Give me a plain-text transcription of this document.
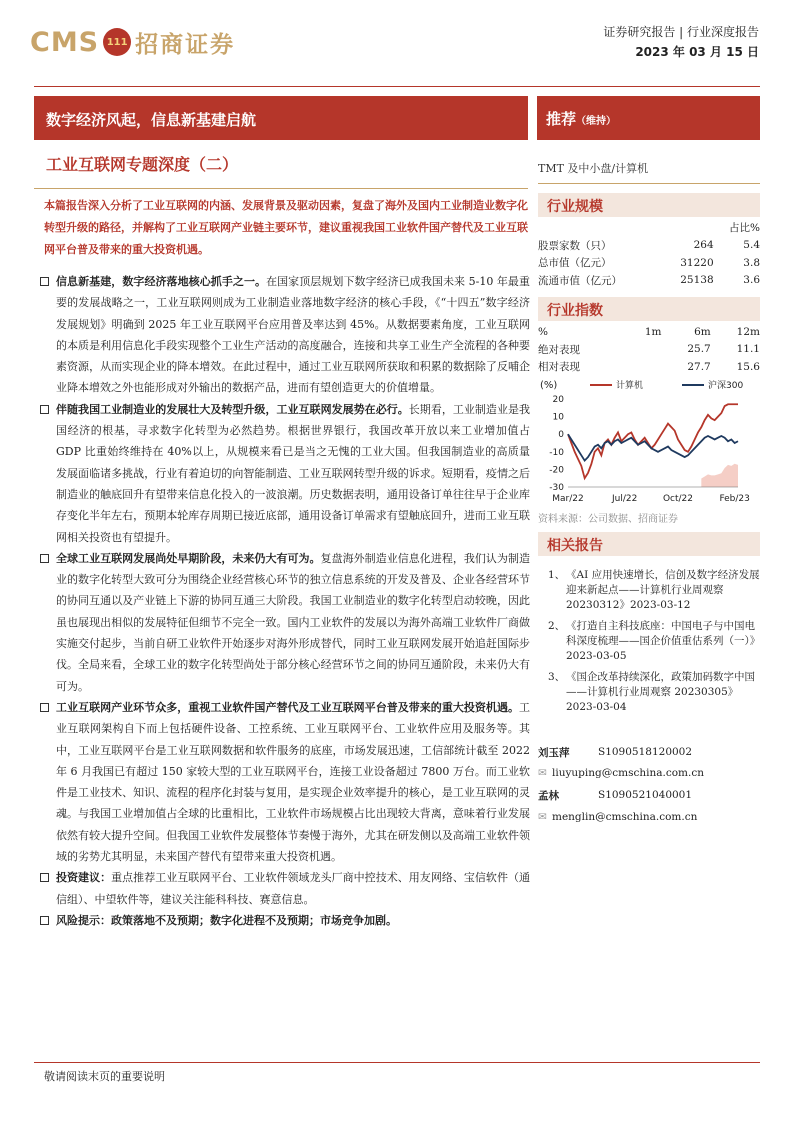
CMS 111 招商证券	证券研究报告 | 行业深度报告
2023 年 03 月 15 日
数字经济风起，信息新基建启航	推荐（维持）
工业互联网专题深度（二）
本篇报告深入分析了工业互联网的内涵、发展背景及驱动因素，复盘了海外及国内工业制造业数字化转型升级的路径，并解构了工业互联网产业链主要环节，建议重视我国工业软件国产替代及工业互联网平台普及带来的重大投资机遇。
信息新基建，数字经济落地核心抓手之一。在国家顶层规划下数字经济已成我国未来 5-10 年最重要的发展战略之一，工业互联网则成为工业制造业落地数字经济的核心手段，《“十四五”数字经济发展规划》明确到 2025 年工业互联网平台应用普及率达到 45%。从数据要素角度，工业互联网的本质是利用信息化手段实现整个工业生产活动的高度融合，连接和共享工业生产全流程的各种要素资源，从而实现企业的降本增效。在此过程中，通过工业互联网所获取和积累的数据除了反哺企业降本增效之外也能形成对外输出的数据产品，进而有望创造更大的价值增量。
伴随我国工业制造业的发展壮大及转型升级，工业互联网发展势在必行。长期看，工业制造业是我国经济的根基，寻求数字化转型为必然趋势。根据世界银行，我国改革开放以来工业增加值占 GDP 比重始终维持在 40%以上，从规模来看已是当之无愧的工业大国。但我国制造业的高质量发展面临诸多挑战，行业有着迫切的向智能制造、工业互联网转型升级的诉求。短期看，疫情之后制造业的触底回升有望带来信息化投入的一波浪潮。历史数据表明，通用设备订单往往早于企业库存变化半年左右，预期本轮库存周期已接近底部，通用设备订单需求有望触底回升，进而工业互联网相关投资也有望提升。
全球工业互联网发展尚处早期阶段，未来仍大有可为。复盘海外制造业信息化进程，我们认为制造业的数字化转型大致可分为围绕企业经营核心环节的独立信息系统的开发及普及、企业各经营环节的协同互通以及产业链上下游的协同互通三大阶段。我国工业制造业的数字化转型启动较晚，因此虽也展现出相似的发展特征但细节不完全一致。国内工业软件的发展以为海外高端工业软件厂商做实施交付起步，当前自研工业软件开始逐步对海外形成替代，同时工业互联网发展开始追赶国际步伐。全局来看，全球工业的数字化转型尚处于部分核心经营环节之间的协同互通阶段，未来仍大有可为。
工业互联网产业环节众多，重视工业软件国产替代及工业互联网平台普及带来的重大投资机遇。工业互联网架构自下而上包括硬件设备、工控系统、工业互联网平台、工业软件应用及服务等。其中，工业互联网平台是工业互联网数据和软件服务的底座，市场发展迅速，工信部统计截至 2022 年 6 月我国已有超过 150 家较大型的工业互联网平台，连接工业设备超过 7800 万台。而工业软件是工业技术、知识、流程的程序化封装与复用，是实现企业效率提升的核心，是工业互联网的灵魂。与我国工业增加值占全球的比重相比，工业软件市场规模占比出现较大背离，意味着行业发展依然有较大提升空间。但我国工业软件发展整体节奏慢于海外，尤其在研发侧以及高端工业软件领域的劣势尤其明显，未来国产替代有望带来重大投资机遇。
投资建议：重点推荐工业互联网平台、工业软件领域龙头厂商中控技术、用友网络、宝信软件（通信组）、中望软件等，建议关注能科科技、赛意信息。
风险提示：政策落地不及预期；数字化进程不及预期；市场竞争加剧。
TMT 及中小盘/计算机
行业规模
		占比%
股票家数（只）	264	5.4
总市值（亿元）	31220	3.8
流通市值（亿元）	25138	3.6
行业指数
%	1m	6m	12m
绝对表现		25.7	11.1
相对表现		27.7	15.6
(%)
20
10
0
-10
-20
-30
Mar/22	Jul/22	Oct/22	Feb/23
计算机	沪深300
资料来源：公司数据、招商证券
相关报告
1、 《AI 应用快速增长，信创及数字经济发展迎来新起点——计算机行业周观察 20230312》2023-03-12
2、 《打造自主科技底座：中国电子与中国电科深度梳理——国企价值重估系列（一）》2023-03-05
3、 《国企改革持续深化，政策加码数字中国——计算机行业周观察 20230305》2023-03-04
刘玉萍	S1090518120002
✉ liuyuping@cmschina.com.cn
孟林	S1090521040001
✉ menglin@cmschina.com.cn
敬请阅读末页的重要说明
